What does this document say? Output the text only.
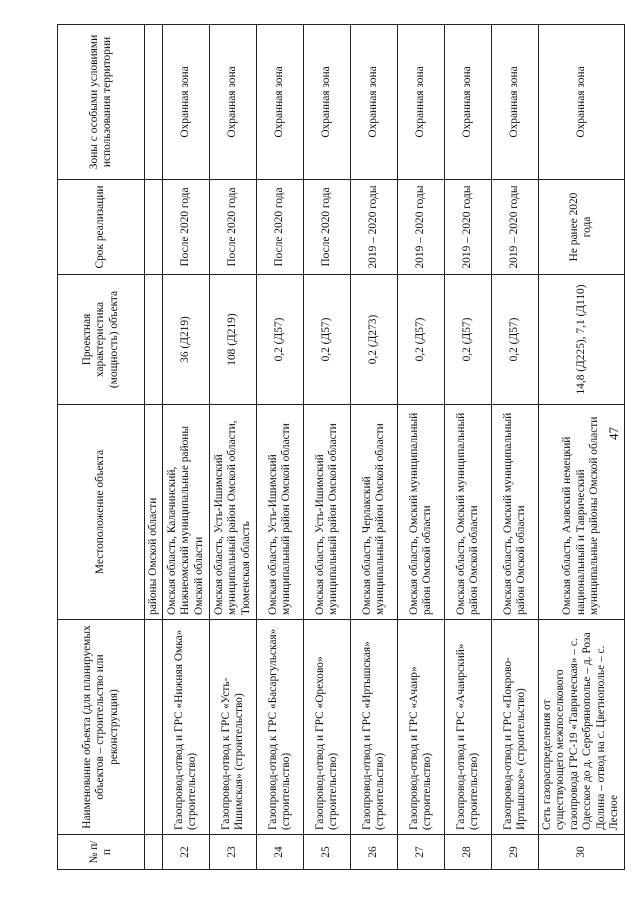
47
№ п/п	Наименование объекта (для планируемых объектов – строительство или реконструкция)	Местоположение объекта	Проектная характеристика (мощность) объекта	Срок реализации	Зоны с особыми условиями использования территории
		районы Омской области			
22	Газопровод-отвод и ГРС «Нижняя Омка» (строительство)	Омская область, Калачинский, Нижнеомский муниципальные районы Омской области	36 (Д219)	После 2020 года	Охранная зона
23	Газопровод-отвод к ГРС «Усть-Ишимская» (строительство)	Омская область, Усть-Ишимский муниципальный район Омской области, Тюменская область	108 (Д219)	После 2020 года	Охранная зона
24	Газопровод-отвод к ГРС «Басаргульская» (строительство)	Омская область, Усть-Ишимский муниципальный район Омской области	0,2 (Д57)	После 2020 года	Охранная зона
25	Газопровод-отвод и ГРС «Орехово» (строительство)	Омская область, Усть-Ишимский муниципальный район Омской области	0,2 (Д57)	После 2020 года	Охранная зона
26	Газопровод-отвод и ГРС «Иртышская» (строительство)	Омская область, Черлакский муниципальный район Омской области	0,2 (Д273)	2019 – 2020 годы	Охранная зона
27	Газопровод-отвод и ГРС «Ачаир» (строительство)	Омская область, Омский муниципальный район Омской области	0,2 (Д57)	2019 – 2020 годы	Охранная зона
28	Газопровод-отвод и ГРС «Ачаирский» (строительство)	Омская область, Омский муниципальный район Омской области	0,2 (Д57)	2019 – 2020 годы	Охранная зона
29	Газопровод-отвод и ГРС «Покрово-Иртышское» (строительство)	Омская область, Омский муниципальный район Омской области	0,2 (Д57)	2019 – 2020 годы	Охранная зона
30	Сеть газораспределения от существующего межпоселкового газопровода ГРС-19 «Таврическая» – с. Одесское до д. Серебрянополье – д. Роза Долина – отвод на с. Цветнополье – с. Лесное	Омская область, Азовский немецкий национальный и Таврический муниципальные районы Омской области	14,8 (Д225), 7,1 (Д110)	Не ранее 2020 года	Охранная зона
